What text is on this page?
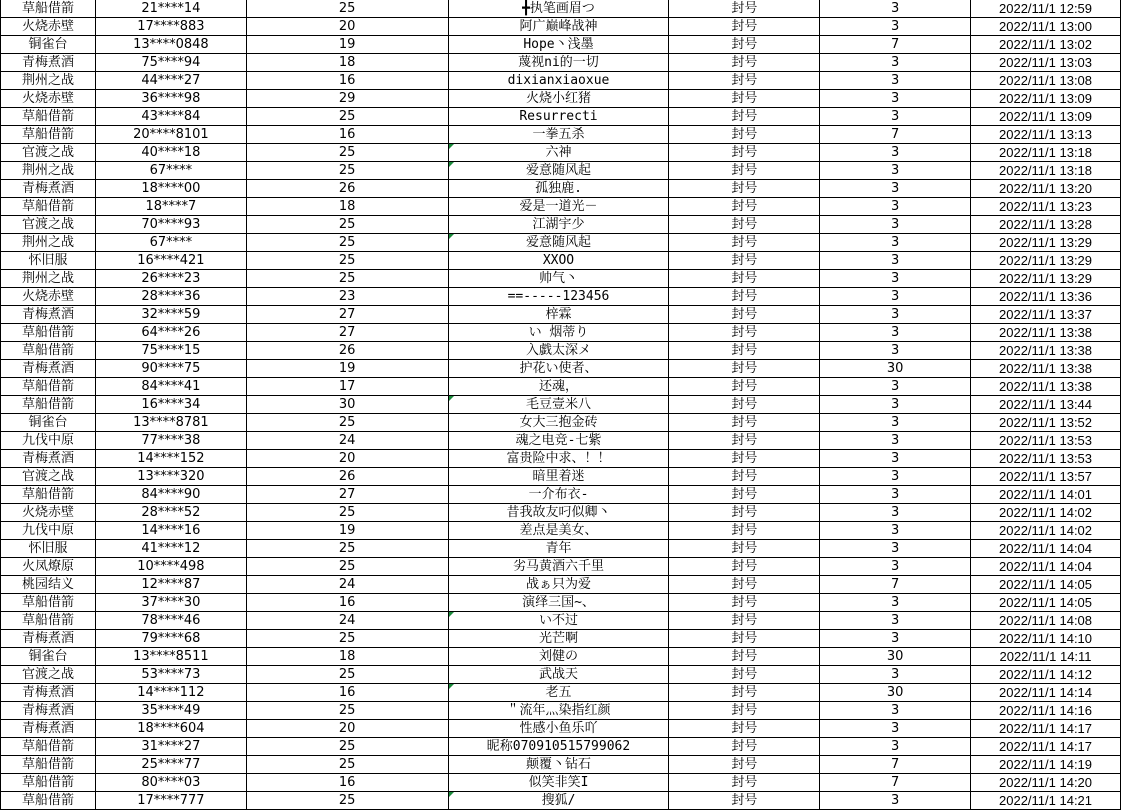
草船借箭	21****14	25	╋执笔画眉つ	封号	3	2022/11/1 12:59
火烧赤壁	17****883	20	阿广巅峰战神	封号	3	2022/11/1 13:00
铜雀台	13****0848	19	Hope丶浅墨	封号	7	2022/11/1 13:02
青梅煮酒	75****94	18	蔑视ni的一切	封号	3	2022/11/1 13:03
荆州之战	44****27	16	dixianxiaoxue	封号	3	2022/11/1 13:08
火烧赤壁	36****98	29	火烧小红猪	封号	3	2022/11/1 13:09
草船借箭	43****84	25	Resurrecti	封号	3	2022/11/1 13:09
草船借箭	20****8101	16	一拳五杀	封号	7	2022/11/1 13:13
官渡之战	40****18	25	六神	封号	3	2022/11/1 13:18
荆州之战	67****	25	爱意随风起	封号	3	2022/11/1 13:18
青梅煮酒	18****00	26	孤独鹿.	封号	3	2022/11/1 13:20
草船借箭	18****7	18	爱是一道光－	封号	3	2022/11/1 13:23
官渡之战	70****93	25	江湖宇少	封号	3	2022/11/1 13:28
荆州之战	67****	25	爱意随风起	封号	3	2022/11/1 13:29
怀旧服	16****421	25	XXOO	封号	3	2022/11/1 13:29
荆州之战	26****23	25	帅气丶	封号	3	2022/11/1 13:29
火烧赤壁	28****36	23	==-----123456	封号	3	2022/11/1 13:36
青梅煮酒	32****59	27	梓霖	封号	3	2022/11/1 13:37
草船借箭	64****26	27	い 烟蒂り	封号	3	2022/11/1 13:38
草船借箭	75****15	26	入戯太深メ	封号	3	2022/11/1 13:38
青梅煮酒	90****75	19	护花い使者、	封号	30	2022/11/1 13:38
草船借箭	84****41	17	还魂，	封号	3	2022/11/1 13:38
草船借箭	16****34	30	毛豆壹米八	封号	3	2022/11/1 13:44
铜雀台	13****8781	25	女大三抱金砖	封号	3	2022/11/1 13:52
九伐中原	77****38	24	魂之电竞-七紫	封号	3	2022/11/1 13:53
青梅煮酒	14****152	20	富贵险中求、！！	封号	3	2022/11/1 13:53
官渡之战	13****320	26	暗里着迷	封号	3	2022/11/1 13:57
草船借箭	84****90	27	一介布衣-	封号	3	2022/11/1 14:01
火烧赤壁	28****52	25	昔我故友叼似卿丶	封号	3	2022/11/1 14:02
九伐中原	14****16	19	差点是美女、	封号	3	2022/11/1 14:02
怀旧服	41****12	25	青年	封号	3	2022/11/1 14:04
火凤燎原	10****498	25	劣马黄酒六千里	封号	3	2022/11/1 14:04
桃园结义	12****87	24	战ぁ只为爱	封号	7	2022/11/1 14:05
草船借箭	37****30	16	演绎三国~、	封号	3	2022/11/1 14:05
草船借箭	78****46	24	い不过	封号	3	2022/11/1 14:08
青梅煮酒	79****68	25	光芒啊	封号	3	2022/11/1 14:10
铜雀台	13****8511	18	刘健の	封号	30	2022/11/1 14:11
官渡之战	53****73	25	武战天	封号	3	2022/11/1 14:12
青梅煮酒	14****112	16	老五	封号	30	2022/11/1 14:14
青梅煮酒	35****49	25	＂流年灬染指红颜	封号	3	2022/11/1 14:16
青梅煮酒	18****604	20	性感小鱼乐吖	封号	3	2022/11/1 14:17
草船借箭	31****27	25	昵称070910515799062	封号	3	2022/11/1 14:17
草船借箭	25****77	25	颠覆丶钻石	封号	7	2022/11/1 14:19
草船借箭	80****03	16	似笑非笑I	封号	7	2022/11/1 14:20
草船借箭	17****777	25	搜狐/	封号	3	2022/11/1 14:21
